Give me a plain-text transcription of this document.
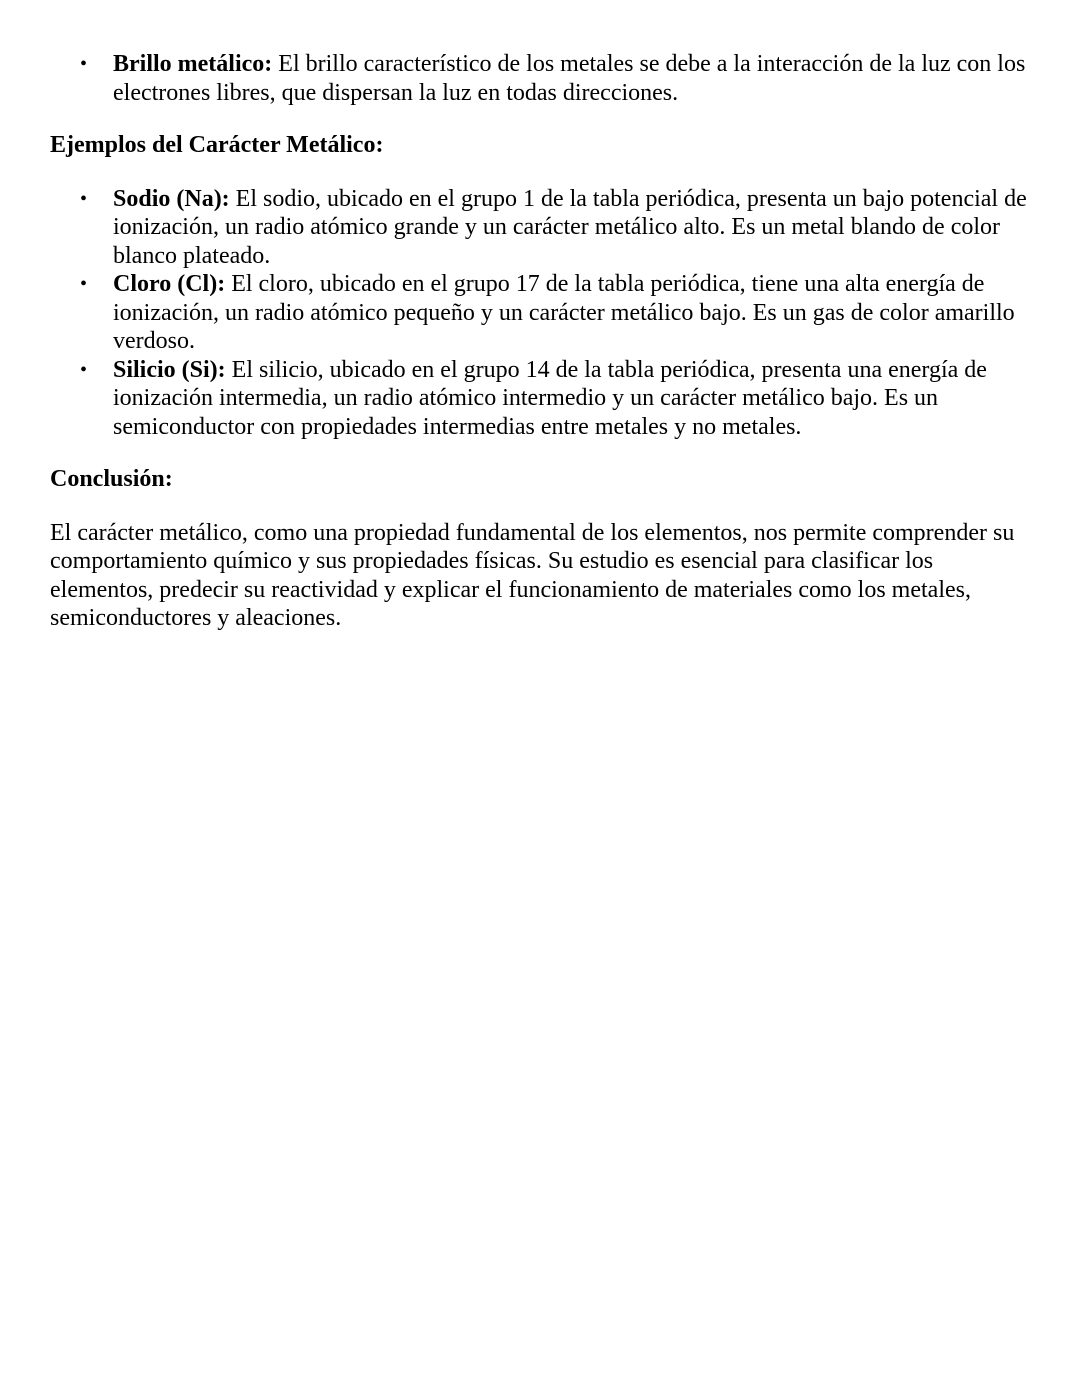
• Brillo metálico: El brillo característico de los metales se debe a la interacción de la luz con los electrones libres, que dispersan la luz en todas direcciones.
Ejemplos del Carácter Metálico:
• Sodio (Na): El sodio, ubicado en el grupo 1 de la tabla periódica, presenta un bajo potencial de ionización, un radio atómico grande y un carácter metálico alto. Es un metal blando de color blanco plateado.
• Cloro (Cl): El cloro, ubicado en el grupo 17 de la tabla periódica, tiene una alta energía de ionización, un radio atómico pequeño y un carácter metálico bajo. Es un gas de color amarillo verdoso.
• Silicio (Si): El silicio, ubicado en el grupo 14 de la tabla periódica, presenta una energía de ionización intermedia, un radio atómico intermedio y un carácter metálico bajo. Es un semiconductor con propiedades intermedias entre metales y no metales.
Conclusión:

El carácter metálico, como una propiedad fundamental de los elementos, nos permite comprender su comportamiento químico y sus propiedades físicas. Su estudio es esencial para clasificar los elementos, predecir su reactividad y explicar el funcionamiento de materiales como los metales, semiconductores y aleaciones.
